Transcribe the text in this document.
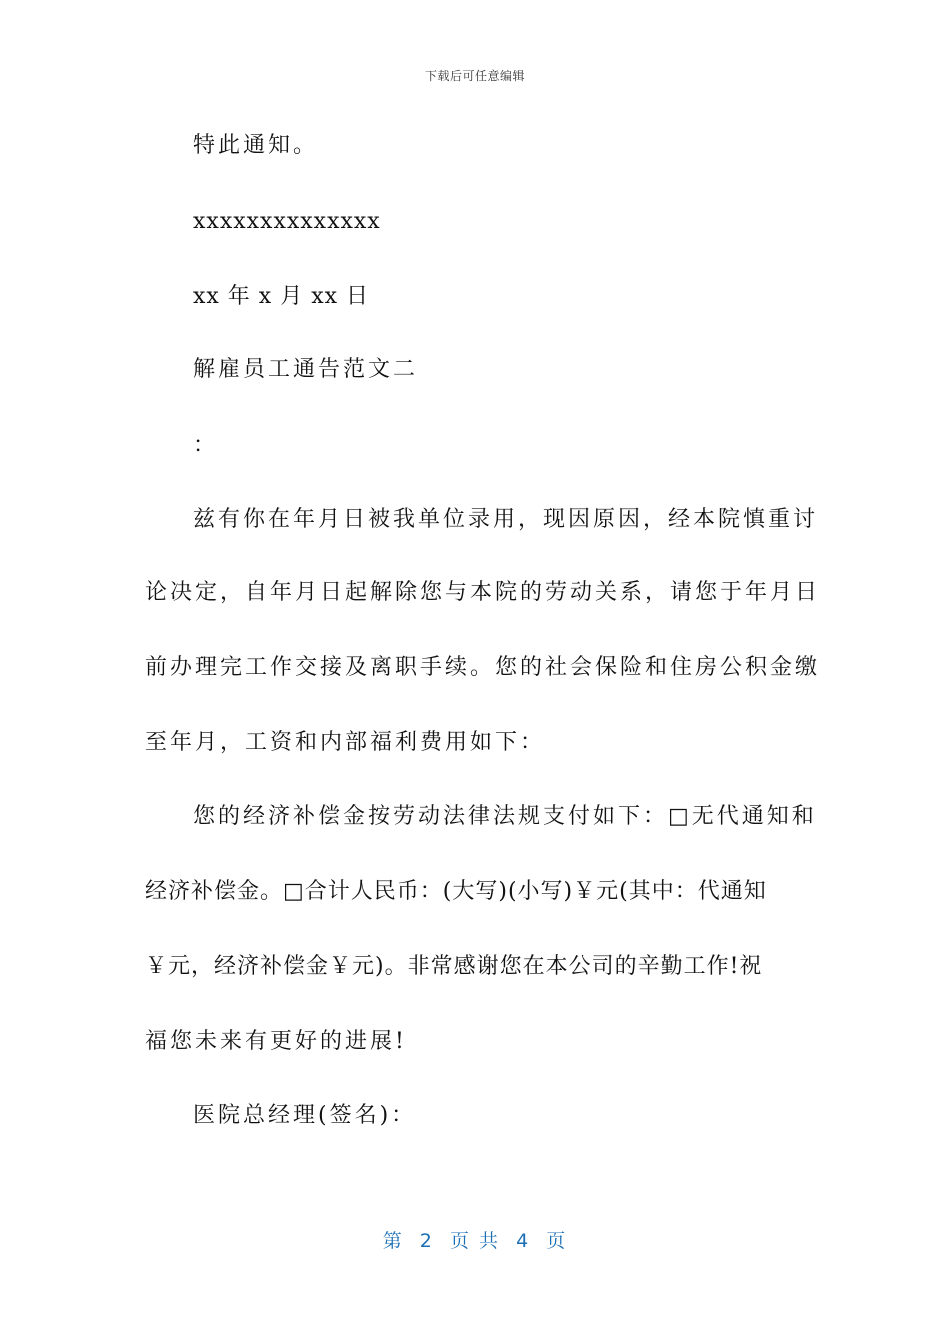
下载后可任意编辑
特此通知。
xxxxxxxxxxxxxx
xx 年 x 月 xx 日
解雇员工通告范文二
：
兹有你在年月日被我单位录用，现因原因，经本院慎重讨
论决定，自年月日起解除您与本院的劳动关系，请您于年月日
前办理完工作交接及离职手续。您的社会保险和住房公积金缴
至年月，工资和内部福利费用如下：
您的经济补偿金按劳动法律法规支付如下：□无代通知和
经济补偿金。□合计人民币：(大写)(小写)￥元(其中：代通知
￥元，经济补偿金￥元)。非常感谢您在本公司的辛勤工作!祝
福您未来有更好的进展!
医院总经理(签名)：
第  2  页 共  4  页
